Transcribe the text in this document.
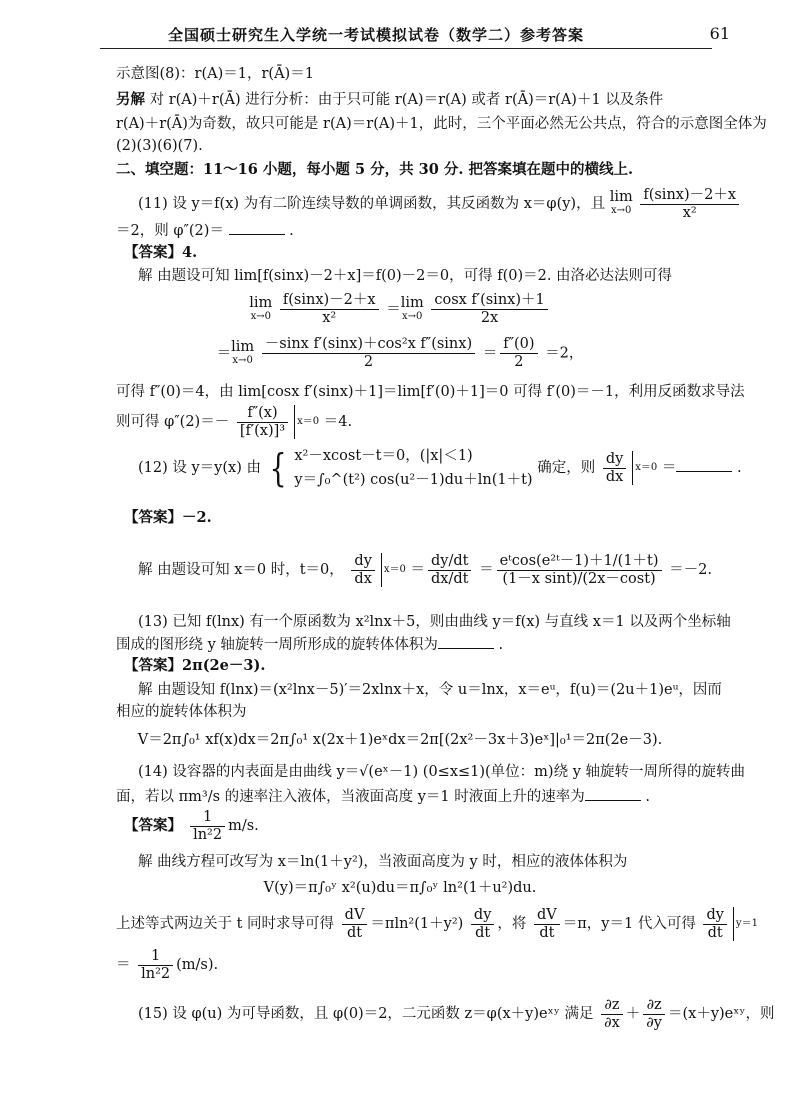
全国硕士研究生入学统一考试模拟试卷（数学二）参考答案	61
示意图(8)：r(A)＝1，r(Ā)＝1
另解 对 r(A)＋r(Ā) 进行分析：由于只可能 r(A)＝r(A) 或者 r(Ā)＝r(A)＋1 以及条件
r(A)＋r(Ā)为奇数，故只可能是 r(A)＝r(A)＋1，此时，三个平面必然无公共点，符合的示意图全体为
(2)(3)(6)(7).
二、填空题：11～16 小题，每小题 5 分，共 30 分. 把答案填在题中的横线上.
(11) 设 y＝f(x) 为有二阶连续导数的单调函数，其反函数为 x＝φ(y)，且 lim
x→0
$\frac{f(\sin x)-2+x}{\text{x²}}$
＝2，则 φ″(2)＝	.
【答案】4.
解 由题设可知 lim[f(sinx)－2＋x]＝f(0)－2＝0，可得 f(0)＝2. 由洛必达法则可得
lim
x→0
$\frac{f(\sin x)-2+x}{\text{x²}} = \lim$
x→0
$\frac{\text{cosx f′(sinx)＋1}}{2x}$
＝ lim
x→0
$\frac{\text{－sinx f′(sinx)＋cos²x f″(sinx)}}{2} = \frac{f''(0)}{2} =2$，
可得 f″(0)＝4，由 lim[cosx f′(sinx)＋1]＝lim[f′(0)＋1]＝0 可得 f′(0)＝－1，利用反函数求导法
则可得 $\varphi''(2)=- \frac{f''(x)}{\text{[f′(x)]³}} x=0 =4$.
(12) 设 y＝y(x) 由 { x²－xcost－t＝0，(|x|＜1)
y＝∫₀^(t²) cos(u²－1)du＋ln(1＋t)
确定，则 $\frac{dy}{dx} x=0$ ＝	.
【答案】－2.
解 由题设可知 x＝0 时，t＝0， $\frac{dy}{dx} x=0 = \frac{dy/dt}{dx/dt} = \frac{\text{eᵗcos(e²ᵗ－1)＋1/(1＋t)}}{\text{(1－x sint)/(2x－cost)}} =-2$.
(13) 已知 f(lnx) 有一个原函数为 x²lnx＋5，则由曲线 y＝f(x) 与直线 x＝1 以及两个坐标轴
围成的图形绕 y 轴旋转一周所形成的旋转体体积为	.
【答案】2π(2e－3).
解 由题设知 f(lnx)＝(x²lnx－5)′＝2xlnx＋x，令 u＝lnx，x＝eᵘ，f(u)＝(2u＋1)eᵘ，因而
相应的旋转体体积为
V＝2π∫₀¹ xf(x)dx＝2π∫₀¹ x(2x＋1)eˣdx＝2π[(2x²－3x＋3)eˣ]|₀¹＝2π(2e－3).
(14) 设容器的内表面是由曲线 y＝√(eˣ－1) (0≤x≤1)(单位：m)绕 y 轴旋转一周所得的旋转曲
面，若以 πm³/s 的速率注入液体，当液面高度 y＝1 时液面上升的速率为	.
【答案】 $\frac{1}{\text{ln²2}} m/s$.
解 曲线方程可改写为 x＝ln(1＋y²)，当液面高度为 y 时，相应的液体体积为
V(y)＝π∫₀ʸ x²(u)du＝π∫₀ʸ ln²(1＋u²)du.
上述等式两边关于 t 同时求导可得 $\frac{dV}{dt} =\pi\ln^2(1+y^2) \frac{dy}{dt}$ ，将 $\frac{dV}{dt} =\pi$，y＝1 代入可得 $\frac{dy}{dt} y=1$
＝ $\frac{1}{\text{ln²2}} (m/s)$.
(15) 设 φ(u) 为可导函数，且 φ(0)＝2，二元函数 z＝φ(x＋y)eˣʸ 满足 $\frac{\partial z}{\partial x} + \frac{\partial z}{\partial y}$ ＝(x＋y)eˣʸ，则
